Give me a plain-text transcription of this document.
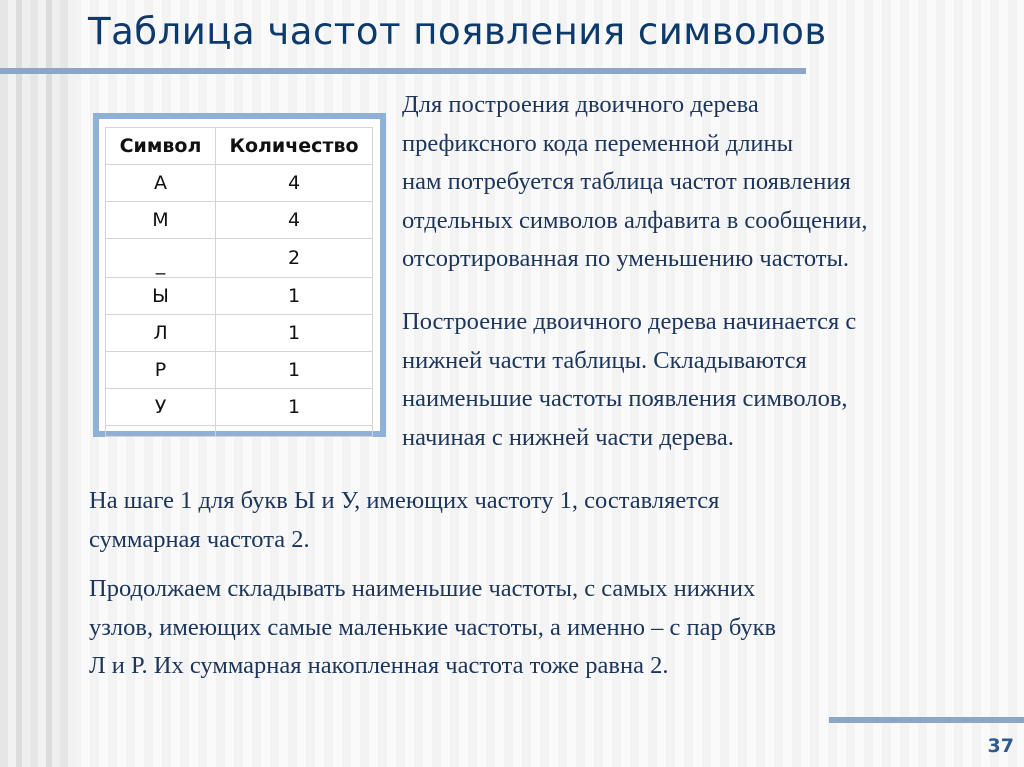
Таблица частот появления символов
Символ	Количество
А	4
М	4
_	2
Ы	1
Л	1
Р	1
У	1

Для построения двоичного дерева
префиксного кода переменной длины
нам потребуется таблица частот появления
отдельных символов алфавита в сообщении,
отсортированная по уменьшению частоты.
Построение двоичного дерева начинается с
нижней части таблицы. Складываются
наименьшие частоты появления символов,
начиная с нижней части дерева.
На шаге 1 для букв Ы и У, имеющих частоту 1, составляется
суммарная частота 2.
Продолжаем складывать наименьшие частоты, с самых нижних
узлов, имеющих самые маленькие частоты, а именно – с пар букв
Л и Р. Их суммарная накопленная частота тоже равна 2.
37
